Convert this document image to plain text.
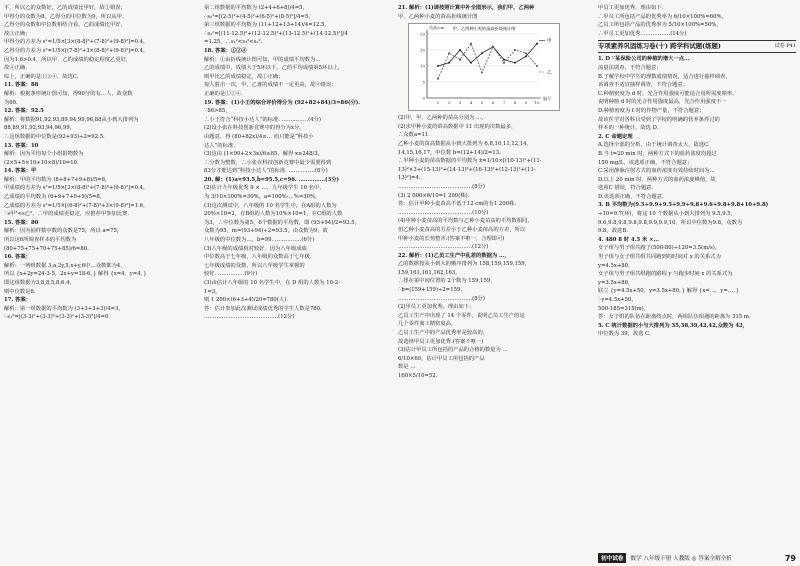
平，所以乙的众数好，乙的成绩比甲好，故②错误；

甲得分的众数为8，乙得分的中位数为9，所以从甲、

乙得分的众数和中位数相结合看，乙的成绩比甲好，

故③正确；

甲得分的方差为 s²=1/5×[3×(8-8)²+(7-8)²+(9-8)²]=0.4，

乙得分的方差为 s²=1/5×[(7-8)²+3×(8-8)²+(9-8)²]=0.4，

因为1.6>0.4，所以甲、乙的成绩的稳定程度乙更好，

故④正确.

综上，正确的是①③④，故选C.

11. 答案：88

解析：根据条形统计图可知，得90分的有…人，故众数

为90.

12. 答案：92.5

解析：将数据91,92,93,89,94,99,96,88从小到大排列为

88,89,91,92,93,94,96,99，

∴这组数据的中位数是(92+93)÷2=92.5.

13. 答案：10

解析：因为平均每个小组捐物数为

(2×5+5×10+10×8)/10=10.

14. 答案：甲

解析：甲的平均数为 (8+8+7+9+8)/5=8，

甲成绩的方差为 s²=1/5×[3×(8-8)²+(7-8)²+(9-8)²]=0.4，

乙成绩的平均数为 (6+9+7+9+9)/5=8，

乙成绩的方差为 s²=1/5×[(6-8)²+(7-8)²+3×(9-8)²]=1.6，

∵s甲²<s乙²，∴甲的成绩更稳定，应推荐甲参加比赛.

15. 答案：80

解析：因为抽样数中数的众数是75，所以 a=75，

所以这6所调查样本的平均数为

(80+75+75+70+75+85)/6=80.

16. 答案：

解析：一列组数据 3,a,2y,5,x+y,6中…众数都为4，

所以 {x+2y=24-3-5，2x+y=18-6，} 解得 {x=4，y=4，}

即这组数据为3,8,8,5,8,6,4,

则中位数是8.

17. 答案：

解析：第一组数据的平均数为 (3+3+3+3)/4=3，

∴s₁²=[(3-3)²+(3-3)²+(3-3)²+(3-3)²]/4=0.

第二组数据的平均数为 (2+4+6+8)/4=5，

∴s₂²=[(2-5)²+(4-5)²+(6-5)²+(8-5)²]/4=5，

第三组数据的平均数为 (11+12+13+14)/4=12.5，

∴s₃²=[(11-12.5)²+(12-12.5)²+(13-12.5)²+(14-12.5)²]/4

=1.25，∴s₁²<s₃²<s₂².

18. 答案：①②④

解析：①由折线统计图可知，甲的成绩平均数为…

乙的成绩中，成绩大于5环以下，乙的平均成绩第5环以上，

则甲比乙的成绩稳定，故①正确；

每人射击一次，甲、乙谁的成绩不一定更高，故④错误；

正确的是①②④.

19. 答案：(1)小王的综合评价得分为 (92+82+84)/3=86(分).

∵86>85，

∴小王符合“科技小达人”的标准. ……………(4分)

(2)设小张在科技创新竞赛中的得分为x分，

由题意，得 (80+82x)/4≥… 而只能是“科技小

达人”的标准.

(3)这由 (1×90+2×3x)/6≥85，解得 x≥248/3，

∴分数为整数，∴小张在科技创新竞赛中最少需要得到

83分才能达到“科技小达人”的标准. ……………(8分)

20. 解：(1)a=93.5,b=95.5,c=96. ……………(3分)

(2)估计九年级优秀 9 × …，九年级学生 10 名中，

为 3/10×100%=30%，a=100%-…%=30%，

(3)这次测试中，八年级的 10 名学生中，在A组的人数为

20%×10=2，在B组的人数为10%×10=1，在C组的人数

为3，∴中位数为第5、6个数据的平均数，即 (93+94)/2=93.5，

众数为95，m=(93+94)÷2=93.5，由众数为9，故

八年级的中位数为…，b=99. ……………(6分)

(3)八年级的成绩相对较好，因为八年级成绩

中位数高于七年级，八年级的众数高于七年级，

七年级成绩的众数，所以八年级学生掌握的

较好. ……………(9分)

(3)由估计八年级的 10 名学生中，在 D 组的人数为 10-2-

1=3，

则 1 200×(6+3+4)/20=780(人).

答：估计参加此次测试成绩优秀的学生人数是780.

……………………………………(12分)

21. 解析：(1)请按照计算中补全图形示，我们甲、乙两种

甲、乙两种小麦的苗高折线统计图

0
5
10
15
20
1 2 3 4 5 6 7 8 9 10
编号
苗高/cm 甲、乙两种小麦的苗高折线统计图
甲
乙

(2)中，甲、乙两种的苗高分别为 …，

(2)求甲种小麦的苗高数据中 11 出现的次数最多，

∴众数a=11.

乙种小麦的苗高数据从小到大排列为 6,8,10,11,12,14,

14,15,16,17，中位数 b=(12+14)/2=13.

∴甲种小麦的苗高数据的平均数为 x̄=1/10×[(10-13)²+(11-

13)²×3+(15-13)²+(14-13)²+(16-13)²+(12-13)²+(11-

13)²]=4.

……………………………………(8分)

(3) 2 000×6/10=1 200(株).

答：估计甲种小麦苗高不低于12 cm的有1 200株.

……………………………………(10分)

(4)甲种小麦苗高的平均数与乙种小麦苗高的平均数相同，

但乙种小麦苗高的方差小于乙种小麦苗高的方差，所以

甲种小麦的长势整齐.(答案不唯一，合理即可)

……………………………………(12分)

22. 解析：(1)乙员工生产中乱差的数据为 …，

乙的数据按从小到大的顺序排列为 158,159,159,159,

159,161,161,162,163，

∴排在第中间位置的 2个数为 159,159，

∴b=(159+159)÷2=159.

……………………………………(8分)

(2)甲员工更加优秀，理由如下：

乙员工生产中出现了 14 个零件，说明乙员工生产的这

几个零件离工精密度高，

乙员工生产中的产品优秀率是较高的.

故选择甲员工更加优秀.(答案不唯一)

(3)估计甲员工所包括的产品的合格的数量为 …

6/10×60，估计甲员工所包括的产品

数是 …

160×5/10=52.

甲员工更加优秀，理由如下：

∴甲员工所包括产品的优秀率为 6/10×100%=60%，

乙员工所包括产品的优秀率为 5/10×100%=50%，

∴甲员工更加优秀. ……………(14分)

专项素养巩固练习卷(十) 跨学科试题(练题)	试卷 P41

1. D ∵某保险公司的种植的增大一点…

流量法调查，不符合题意；

B.了解学校中学生的理数成绩情况，适合进行抽样调查，

该调查不适宜抽样调查，不符合题意；

C.种植密度为 d 时，光合作用强度可能适合用所需度频率，

说明种植 d 时的光合作用强度最高，光合作用强度不一

D.种植密度为 f 时的作物产量，不符合题意；

故该医学对各科目受到了学校的明确的营养条件过的

样本的一种统计，故选 D.

2. C 命题定理

A.选择全部的分析，由于统计调查太大，故选C.

B.当 t=20 min 时，两种方式下的血药浓度均超过

150 mg/L，该选项正确，不符合题意；

C.采用静脉注射方式的血药浓度有效持续时间为…

D.以上 20 min 时，两种方式的血药浓度峰值，故

选项C 错误，符合题意.

D.该选项正确，不符合题意.

3. B 平均数为(9.5+9.9+9.5+9.9+9.8+9.6+9.8+9.8+10+9.8)

÷10=9.7(环)，将这 10 个数据从小到大排列为 9.5,9.5,

9.6,9.8,9.8,9.8,9.8,9.9,9.9,10，所以中位数为9.8，众数为

9.8，故选B.

4. 480 8 时 4.5 米 ×…

女子组与男子组共跑了(500-80)÷120=3.5(m/s)，

男子组与女子组共组共同跑到的时间对 x 的关系式为

y=4.5x+80，

女子组与男子组共组跑的路程 y 与跑步时间 x 的关系式为

y=3.5x+80，

联立 {y=4.5x+50，y=3.5x+80，} 解得 {x=…，y=…，}

∴y=4.5x+50，

500-185=315(m)，

答：女子组的队伍在距离终点时，两组队伍相遇的距离为 315 m.

5. C 统计数据的小与大排列为 35,38,39,42,42,众数为 42，

中位数为 39，故选 C.

初中试卷	数学 八年级下册 人教版 ◎ 答案全解全析	79
